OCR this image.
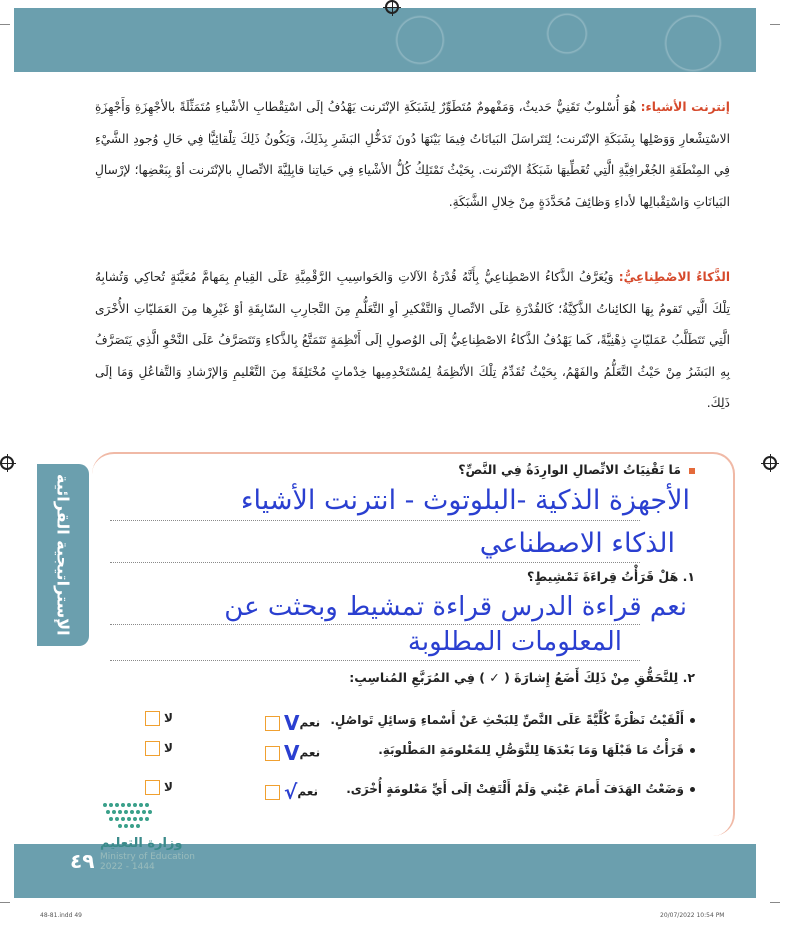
إنترنت الأشياء: هُوَ أُسْلوبٌ تَقَنِيٌّ حَديثٌ، وَمَفْهومٌ مُتَطَوِّرٌ لِشَبَكَةِ الإنْتَرنت يَهْدُفُ إلَى اسْتِقْطابِ الأشْياءِ مُتَمَثِّلَةً بالأجْهِزَةِ وَأَجْهِزَةِ الاسْتِشْعارِ وَوَصْلِها بِشَبَكَةِ الإنْتَرنت؛ لِتَتَراسَلَ البَيانَاتُ فِيمَا بَيْنَهَا دُونَ تَدَخُّلِ البَشَرِ بِذَلِكَ، وَيَكُونُ ذَلِكَ تِلْقائِيًّا فِي حَالِ وُجودِ الشَّيْءِ فِي المِنْطَقَةِ الجُغْرافِيَّةِ الَّتِي تُغَطِّيهَا شَبَكَةُ الإنْتَرنت. بِحَيْثُ تَمْتَلِكُ كُلُّ الأشْياءِ فِي حَياتِنا قابِلِيَّةَ الاتِّصالِ بالإنْتَرنت أوْ بِبَعْضِها؛ لإرْسالِ البَيانَاتِ وَاسْتِقْبالِها لأداءِ وَظائِفَ مُحَدَّدَةٍ مِنْ خِلالِ الشَّبَكَةِ.
الذَّكاءُ الاصْطِناعِيُّ: وَيُعَرَّفُ الذَّكاءُ الاصْطِناعِيُّ بِأَنَّهُ قُدْرَةُ الآلاتِ وَالحَواسِيبِ الرَّقْمِيَّةِ عَلَى القِيامِ بِمَهامَّ مُعَيَّنَةٍ تُحاكِي وَتُشابِهُ تِلْكَ الَّتِي تَقومُ بِهَا الكائِناتُ الذَّكِيَّةُ؛ كَالقُدْرَةِ عَلَى الاتِّصالِ وَالتَّفْكيرِ أوِ التَّعَلُّمِ مِنَ التَّجارِبِ السّابِقَةِ أوْ غَيْرِها مِنَ العَمَليّاتِ الأُخْرَى الَّتِي تَتَطَلَّبُ عَمَليّاتٍ ذِهْنِيَّةً، كَما يَهْدُفُ الذَّكاءُ الاصْطِناعِيُّ إلَى الوُصولِ إلَى أَنْظِمَةٍ تَتَمَتَّعُ بِالذَّكاءِ وَتَتَصَرَّفُ عَلَى النَّحْوِ الَّذِي يَتَصَرَّفُ بِهِ البَشَرُ مِنْ حَيْثُ التَّعَلُّمُ والفَهْمُ، بِحَيْثُ تُقَدِّمُ تِلْكَ الأنْظِمَةُ لِمُسْتَخْدِمِيها خِدْماتٍ مُخْتَلِفَةً مِنَ التَّعْليمِ وَالإرْشادِ وَالتَّفاعُلِ وَمَا إلَى ذَلِكَ.
الإستراتيجية القرائية
مَا تَقْنِيَاتُ الاتِّصالِ الوارِدَةُ فِي النَّصِّ؟
الأجهزة الذكية -البلوتوث - انترنت الأشياء
الذكاء الاصطناعي
١. هَلْ قَرَأْتُ قِراءَةَ تَمْشِيطٍ؟
نعم قراءة الدرس قراءة تمشيط وبحثت عن
المعلومات المطلوبة
٢. لِلتَّحَقُّقِ مِنْ ذَلِكَ أَضَعُ إِشارَةَ ( ✓ ) فِي المُرَبَّعِ المُناسِبِ:
أَلْقَيْتُ نَظْرَةً كُلِّيَّةً عَلَى النَّصِّ لِلبَحْثِ عَنْ أَسْماءِ وَسائِلِ تَواصُلٍ.
نعمV
لا
قَرَأْتُ مَا قَبْلَهَا وَمَا بَعْدَهَا لِلتَّوَصُّلِ لِلمَعْلومَةِ المَطْلوبَةِ.
نعمV
لا
وَضَعْتُ الهَدَفَ أَمامَ عَيْني وَلَمْ أَلْتَفِتْ إلَى أَيِّ مَعْلومَةٍ أُخْرَى.
نعم√
لا
وزارة التعليم
Ministry of Education
2022 - 1444
٤٩
48-81.indd 49	20/07/2022 10:54 PM
